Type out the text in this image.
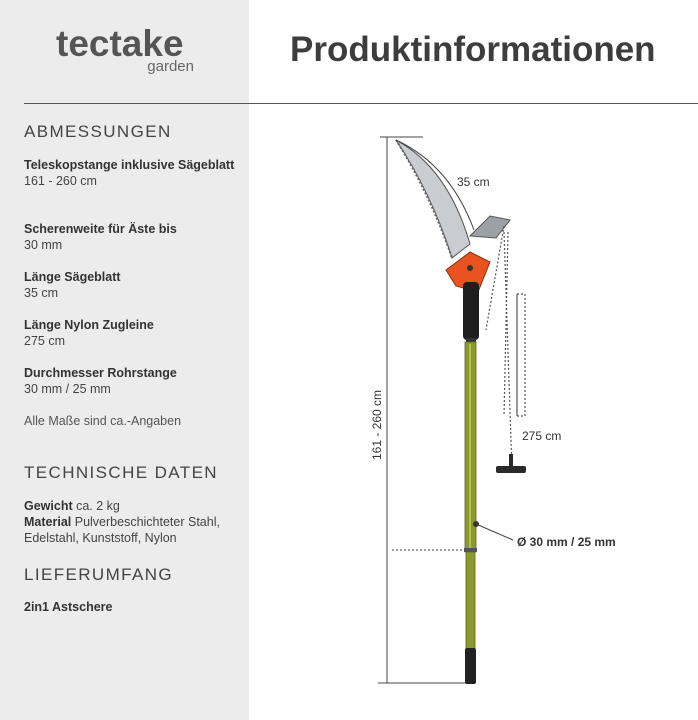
tectake
garden	Produktinformationen
ABMESSUNGEN
Teleskopstange inklusive Sägeblatt
161 - 260 cm
Scherenweite für Äste bis
30 mm
Länge Sägeblatt
35 cm
Länge Nylon Zugleine
275 cm
Durchmesser Rohrstange
30 mm / 25 mm
Alle Maße sind ca.-Angaben
TECHNISCHE DATEN
Gewicht ca. 2 kg
Material Pulverbeschichteter Stahl, Edelstahl, Kunststoff, Nylon
LIEFERUMFANG
2in1 Astschere
161 - 260 cm
35 cm
275 cm
Ø 30 mm / 25 mm
